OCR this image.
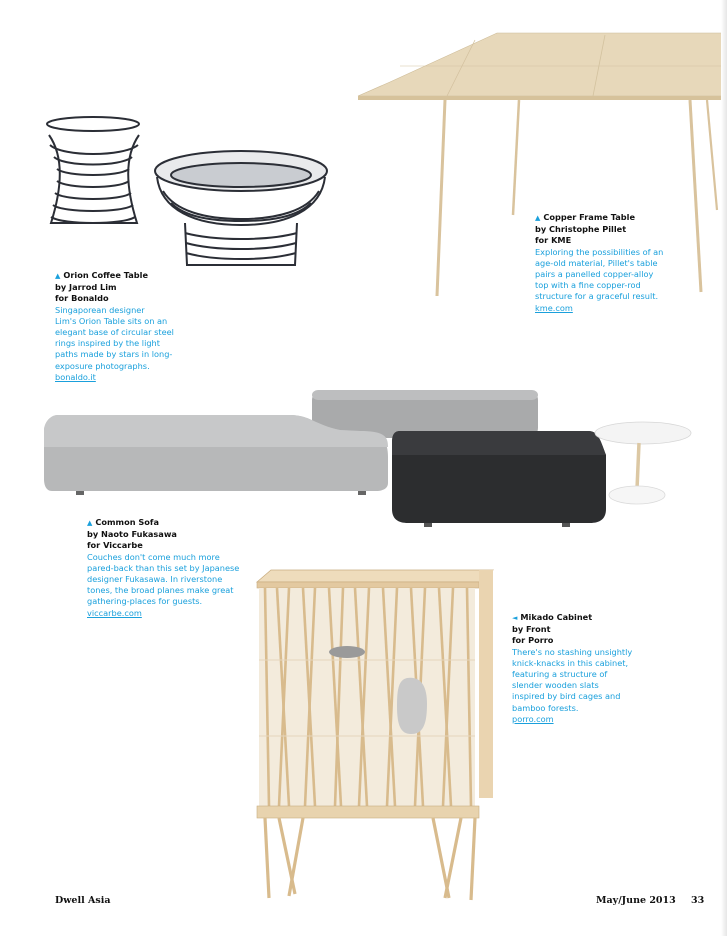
▲ Orion Coffee Table
by Jarrod Lim
for Bonaldo
Singaporean designer
Lim's Orion Table sits on an
elegant base of circular steel
rings inspired by the light
paths made by stars in long-
exposure photographs.
bonaldo.it
▲ Copper Frame Table
by Christophe Pillet
for KME
Exploring the possibilities of an
age-old material, Pillet's table
pairs a panelled copper-alloy
top with a fine copper-rod
structure for a graceful result.
kme.com
▲ Common Sofa
by Naoto Fukasawa
for Viccarbe
Couches don't come much more
pared-back than this set by Japanese
designer Fukasawa. In riverstone
tones, the broad planes make great
gathering-places for guests.
viccarbe.com
◄ Mikado Cabinet
by Front
for Porro
There's no stashing unsightly
knick-knacks in this cabinet,
featuring a structure of
slender wooden slats
inspired by bird cages and
bamboo forests.
porro.com
Dwell Asia	May/June 2013 33
